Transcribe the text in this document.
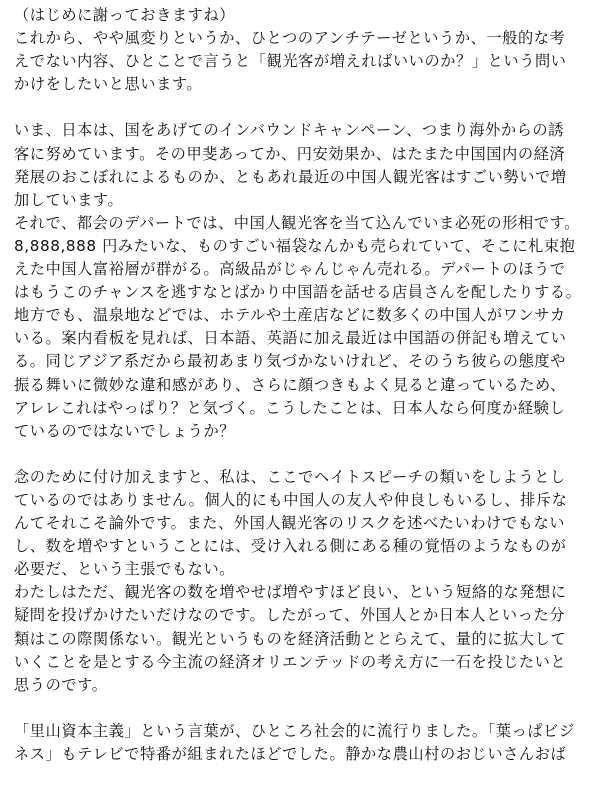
（はじめに謝っておきますね）
これから、やや風変りというか、ひとつのアンチテーゼというか、一般的な考
えでない内容、ひとことで言うと「観光客が増えればいいのか？」という問い
かけをしたいと思います。
いま、日本は、国をあげてのインバウンドキャンペーン、つまり海外からの誘
客に努めています。その甲斐あってか、円安効果か、はたまた中国国内の経済
発展のおこぼれによるものか、ともあれ最近の中国人観光客はすごい勢いで増
加しています。
それで、都会のデパートでは、中国人観光客を当て込んでいま必死の形相です。
8,888,888 円みたいな、ものすごい福袋なんかも売られていて、そこに札束抱
えた中国人富裕層が群がる。高級品がじゃんじゃん売れる。デパートのほうで
はもうこのチャンスを逃すなとばかり中国語を話せる店員さんを配したりする。
地方でも、温泉地などでは、ホテルや土産店などに数多くの中国人がワンサカ
いる。案内看板を見れば、日本語、英語に加え最近は中国語の併記も増えてい
る。同じアジア系だから最初あまり気づかないけれど、そのうち彼らの態度や
振る舞いに微妙な違和感があり、さらに顔つきもよく見ると違っているため、
アレレこれはやっぱり？と気づく。こうしたことは、日本人なら何度か経験し
ているのではないでしょうか？
念のために付け加えますと、私は、ここでヘイトスピーチの類いをしようとし
ているのではありません。個人的にも中国人の友人や仲良しもいるし、排斥な
んてそれこそ論外です。また、外国人観光客のリスクを述べたいわけでもない
し、数を増やすということには、受け入れる側にある種の覚悟のようなものが
必要だ、という主張でもない。
わたしはただ、観光客の数を増やせば増やすほど良い、という短絡的な発想に
疑問を投げかけたいだけなのです。したがって、外国人とか日本人といった分
類はこの際関係ない。観光というものを経済活動ととらえて、量的に拡大して
いくことを是とする今主流の経済オリエンテッドの考え方に一石を投じたいと
思うのです。
「里山資本主義」という言葉が、ひところ社会的に流行りました。「葉っぱビジ
ネス」もテレビで特番が組まれたほどでした。静かな農山村のおじいさんおば
